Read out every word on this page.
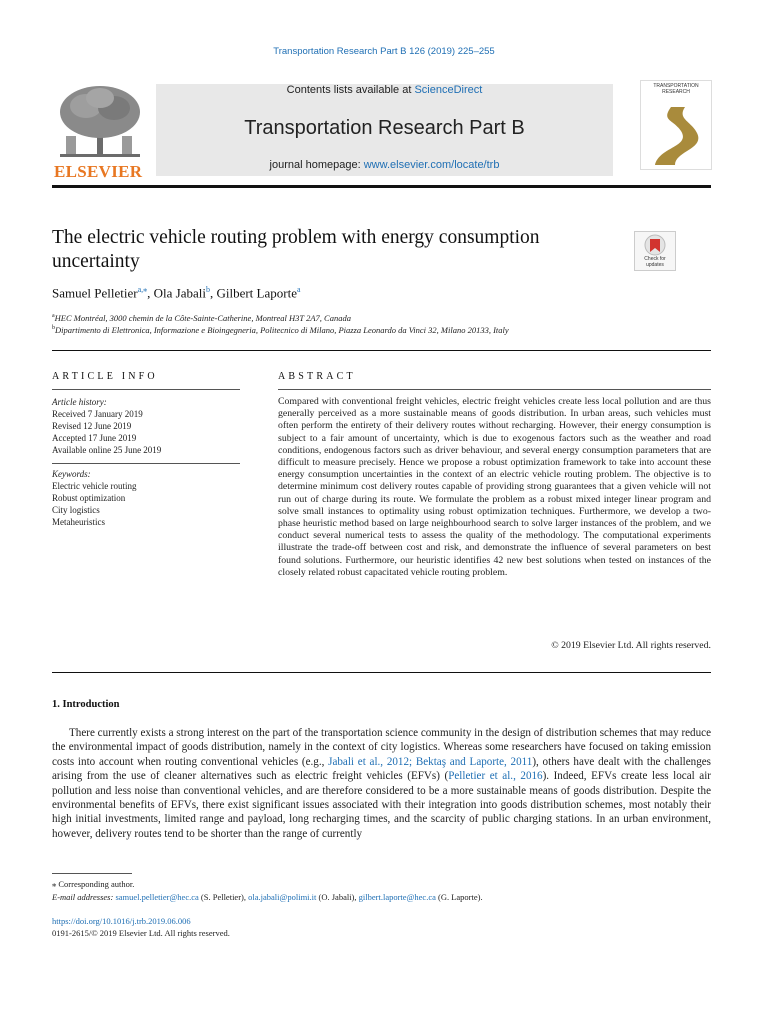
Transportation Research Part B 126 (2019) 225–255
ELSEVIER
Contents lists available at ScienceDirect
Transportation Research Part B
journal homepage: www.elsevier.com/locate/trb
TRANSPORTATION RESEARCH
The electric vehicle routing problem with energy consumption uncertainty	Check for updates
Samuel Pelletier$^{a,⁎}$, Ola Jabali$^b$, Gilbert Laporte$^a$
$^a$HEC Montréal, 3000 chemin de la Côte-Sainte-Catherine, Montreal H3T 2A7, Canada
$^b$Dipartimento di Elettronica, Informazione e Bioingegneria, Politecnico di Milano, Piazza Leonardo da Vinci 32, Milano 20133, Italy
ARTICLE INFO	ABSTRACT
Article history:
Received 7 January 2019
Revised 12 June 2019
Accepted 17 June 2019
Available online 25 June 2019
Keywords:
Electric vehicle routing
Robust optimization
City logistics
Metaheuristics
Compared with conventional freight vehicles, electric freight vehicles create less local pollution and are thus generally perceived as a more sustainable means of goods distribution. In urban areas, such vehicles must often perform the entirety of their delivery routes without recharging. However, their energy consumption is subject to a fair amount of uncertainty, which is due to exogenous factors such as the weather and road conditions, endogenous factors such as driver behaviour, and several energy consumption parameters that are difficult to measure precisely. Hence we propose a robust optimization framework to take into account these energy consumption uncertainties in the context of an electric vehicle routing problem. The objective is to determine minimum cost delivery routes capable of providing strong guarantees that a given vehicle will not run out of charge during its route. We formulate the problem as a robust mixed integer linear program and solve small instances to optimality using robust optimization techniques. Furthermore, we develop a two-phase heuristic method based on large neighbourhood search to solve larger instances of the problem, and we conduct several numerical tests to assess the quality of the methodology. The computational experiments illustrate the trade-off between cost and risk, and demonstrate the influence of several parameters on best found solutions. Furthermore, our heuristic identifies 42 new best solutions when tested on instances of the closely related robust capacitated vehicle routing problem.
© 2019 Elsevier Ltd. All rights reserved.
1. Introduction
There currently exists a strong interest on the part of the transportation science community in the design of distribution schemes that may reduce the environmental impact of goods distribution, namely in the context of city logistics. Whereas some researchers have focused on taking emission costs into account when routing conventional vehicles (e.g., Jabali et al., 2012; Bektaş and Laporte, 2011), others have dealt with the challenges arising from the use of cleaner alternatives such as electric freight vehicles (EFVs) (Pelletier et al., 2016). Indeed, EFVs create less local air pollution and less noise than conventional vehicles, and are therefore considered to be a more sustainable means of goods distribution. Despite the environmental benefits of EFVs, there exist significant issues associated with their integration into goods distribution schemes, most notably their high initial investments, limited range and payload, long recharging times, and the scarcity of public charging stations. In an urban environment, however, delivery routes tend to be shorter than the range of currently
⁎ Corresponding author.
E-mail addresses: samuel.pelletier@hec.ca (S. Pelletier), ola.jabali@polimi.it (O. Jabali), gilbert.laporte@hec.ca (G. Laporte).
https://doi.org/10.1016/j.trb.2019.06.006
0191-2615/© 2019 Elsevier Ltd. All rights reserved.
